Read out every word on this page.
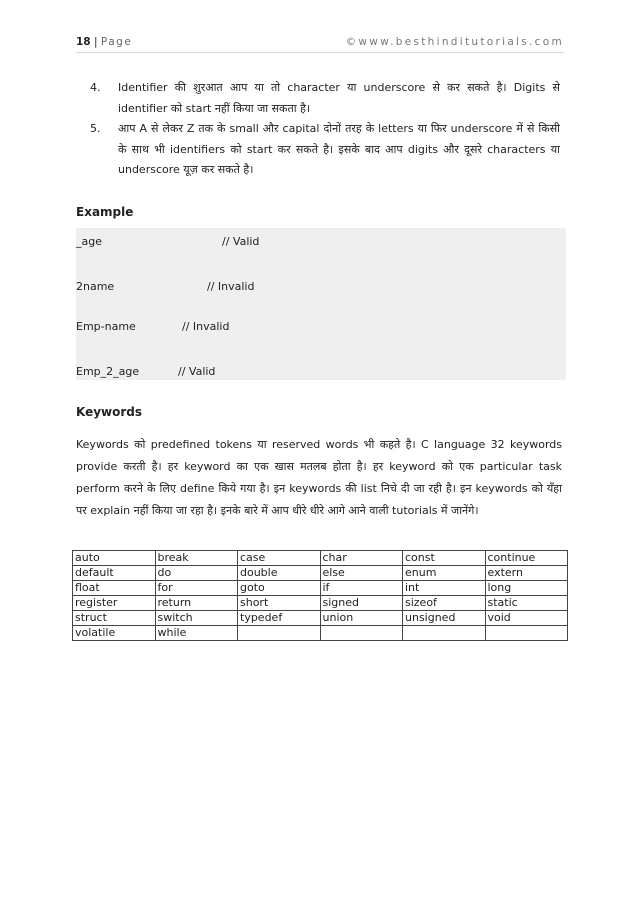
18 | Page	©www.besthinditutorials.com
4. Identifier की शुरआत आप या तो character या underscore से कर सकते है। Digits से identifier को start नहीं किया जा सकता है।
5. आप A से लेकर Z तक के small और capital दोनों तरह के letters या फिर underscore में से किसी के साथ भी identifiers को start कर सकते है। इसके बाद आप digits और दूसरे characters या underscore यूज़ कर सकते है।
Example
_age	// Valid
2name	// Invalid
Emp-name	// Invalid
Emp_2_age	// Valid
Keywords

Keywords को predefined tokens या reserved words भी कहते है। C language 32 keywords provide करती है। हर keyword का एक खास मतलब होता है। हर keyword को एक particular task perform करने के लिए define किये गया है। इन keywords की list निचे दी जा रही है। इन keywords को यँहा पर explain नहीं किया जा रहा है। इनके बारे में आप धीरे धीरे आगे आने वाली tutorials में जानेंगे।

auto	break	case	char	const	continue
default	do	double	else	enum	extern
float	for	goto	if	int	long
register	return	short	signed	sizeof	static
struct	switch	typedef	union	unsigned	void
volatile	while				
